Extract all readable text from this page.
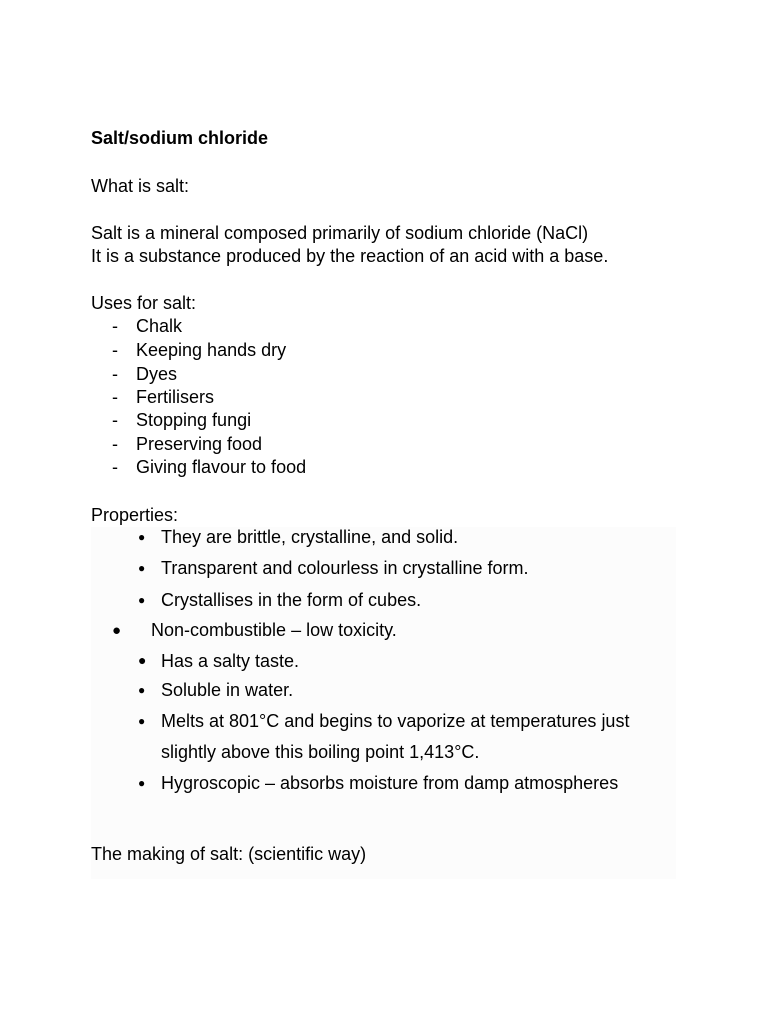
Salt/sodium chloride
What is salt:
Salt is a mineral composed primarily of sodium chloride (NaCl)
It is a substance produced by the reaction of an acid with a base.
Uses for salt:
- Chalk
- Keeping hands dry
- Dyes
- Fertilisers
- Stopping fungi
- Preserving food
- Giving flavour to food
Properties:
● They are brittle, crystalline, and solid.
● Transparent and colourless in crystalline form.
● Crystallises in the form of cubes.
● Non-combustible – low toxicity.
● Has a salty taste.
● Soluble in water.
● Melts at 801°C and begins to vaporize at temperatures just
slightly above this boiling point 1,413°C.
● Hygroscopic – absorbs moisture from damp atmospheres
The making of salt: (scientific way)
